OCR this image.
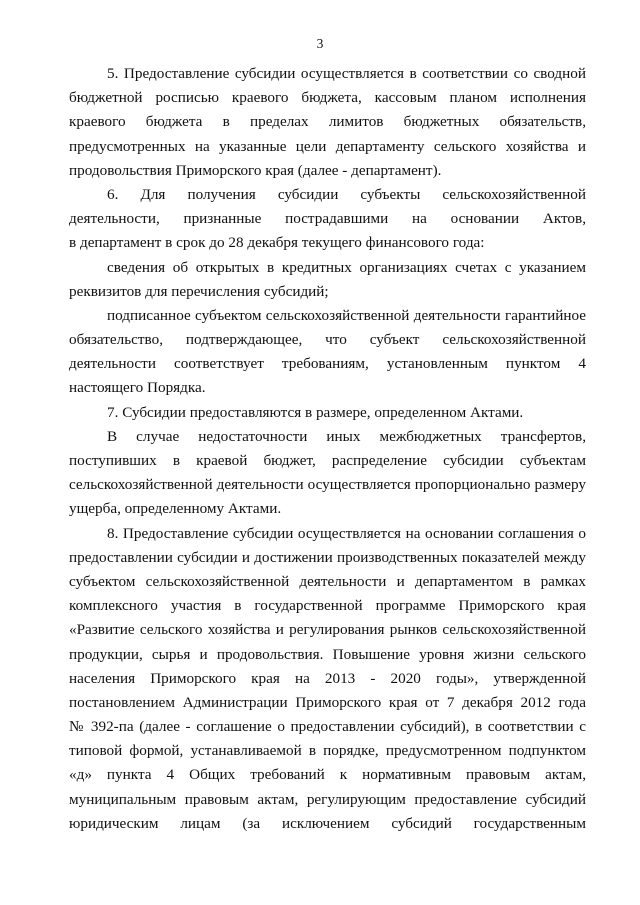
3
5. Предоставление субсидии осуществляется в соответствии со сводной
бюджетной росписью краевого бюджета, кассовым планом исполнения
краевого бюджета в пределах лимитов бюджетных обязательств,
предусмотренных на указанные цели департаменту сельского хозяйства и
продовольствия Приморского края (далее - департамент).
6. Для получения субсидии субъекты сельскохозяйственной
деятельности, признанные пострадавшими на основании Актов,
в департамент в срок до 28 декабря текущего финансового года:
сведения об открытых в кредитных организациях счетах с указанием
реквизитов для перечисления субсидий;
подписанное субъектом сельскохозяйственной деятельности гарантийное
обязательство, подтверждающее, что субъект сельскохозяйственной
деятельности соответствует требованиям, установленным пунктом 4
настоящего Порядка.
7. Субсидии предоставляются в размере, определенном Актами.
В случае недостаточности иных межбюджетных трансфертов,
поступивших в краевой бюджет, распределение субсидии субъектам
сельскохозяйственной деятельности осуществляется пропорционально размеру
ущерба, определенному Актами.
8. Предоставление субсидии осуществляется на основании соглашения о
предоставлении субсидии и достижении производственных показателей между
субъектом сельскохозяйственной деятельности и департаментом в рамках
комплексного участия в государственной программе Приморского края
«Развитие сельского хозяйства и регулирования рынков сельскохозяйственной
продукции, сырья и продовольствия. Повышение уровня жизни сельского
населения Приморского края на 2013 - 2020 годы», утвержденной
постановлением Администрации Приморского края от 7 декабря 2012 года
№ 392-па (далее - соглашение о предоставлении субсидий), в соответствии с
типовой формой, устанавливаемой в порядке, предусмотренном подпунктом
«д» пункта 4 Общих требований к нормативным правовым актам,
муниципальным правовым актам, регулирующим предоставление субсидий
юридическим лицам (за исключением субсидий государственным
